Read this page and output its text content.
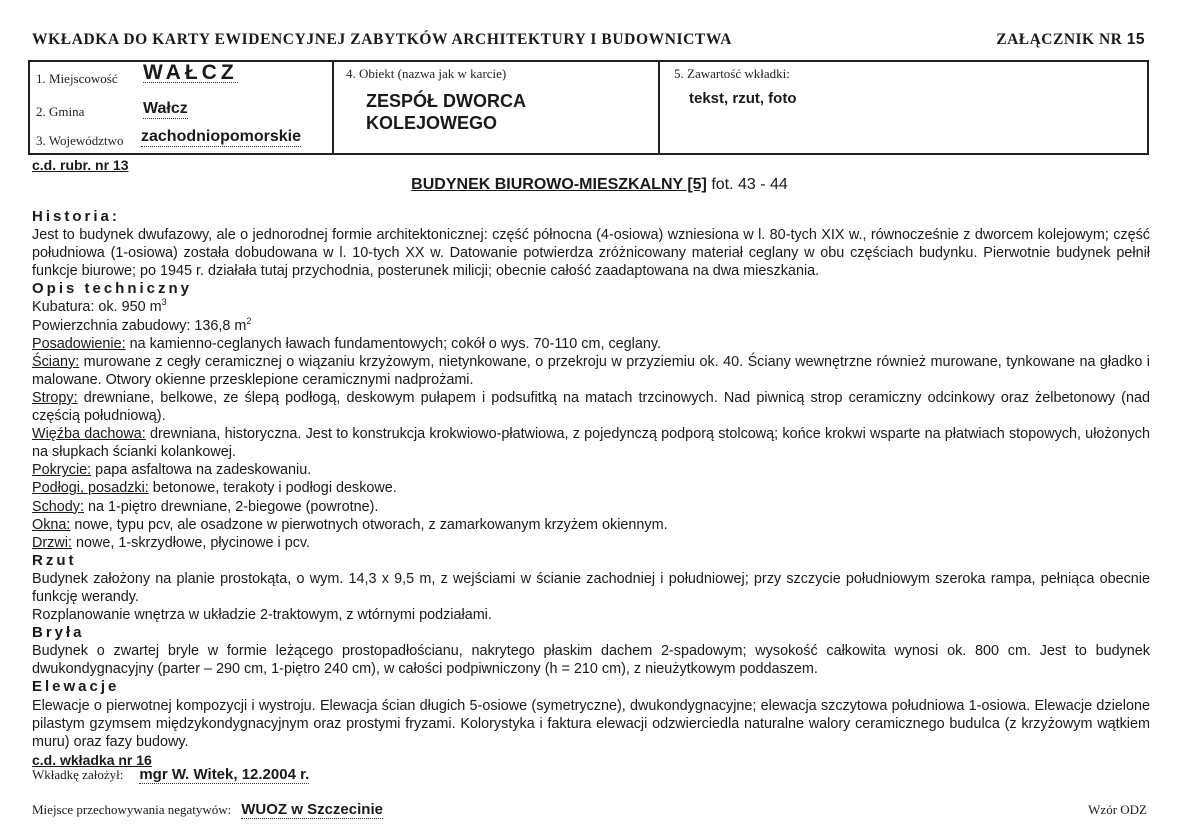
WKŁADKA DO KARTY EWIDENCYJNEJ ZABYTKÓW ARCHITEKTURY I BUDOWNICTWA	ZAŁĄCZNIK NR 15
1. Miejscowość WAŁCZ
2. Gmina	Wałcz
3. Województwo zachodniopomorskie
4. Obiekt (nazwa jak w karcie)
ZESPÓŁ DWORCA
KOLEJOWEGO
5. Zawartość wkładki:
tekst, rzut, foto
c.d. rubr. nr 13
BUDYNEK BIUROWO-MIESZKALNY [5] fot. 43 - 44

Historia:

Jest to budynek dwufazowy, ale o jednorodnej formie architektonicznej: część północna (4-osiowa) wzniesiona w l. 80-tych XIX w., równocześnie z dworcem kolejowym; część południowa (1-osiowa) została dobudowana w l. 10-tych XX w. Datowanie potwierdza zróżnicowany materiał ceglany w obu częściach budynku. Pierwotnie budynek pełnił funkcje biurowe; po 1945 r. działała tutaj przychodnia, posterunek milicji; obecnie całość zaadaptowana na dwa mieszkania.

Opis techniczny

Kubatura: ok. 950 $m^3$

Powierzchnia zabudowy: 136,8 $m^2$

Posadowienie: na kamienno-ceglanych ławach fundamentowych; cokół o wys. 70-110 cm, ceglany.

Ściany: murowane z cegły ceramicznej o wiązaniu krzyżowym, nietynkowane, o przekroju w przyziemiu ok. 40. Ściany wewnętrzne również murowane, tynkowane na gładko i malowane. Otwory okienne przesklepione ceramicznymi nadprożami.

Stropy: drewniane, belkowe, ze ślepą podłogą, deskowym pułapem i podsufitką na matach trzcinowych. Nad piwnicą strop ceramiczny odcinkowy oraz żelbetonowy (nad częścią południową).

Więźba dachowa: drewniana, historyczna. Jest to konstrukcja krokwiowo-płatwiowa, z pojedynczą podporą stolcową; końce krokwi wsparte na płatwiach stopowych, ułożonych na słupkach ścianki kolankowej.

Pokrycie: papa asfaltowa na zadeskowaniu.

Podłogi, posadzki: betonowe, terakoty i podłogi deskowe.

Schody: na 1-piętro drewniane, 2-biegowe (powrotne).

Okna: nowe, typu pcv, ale osadzone w pierwotnych otworach, z zamarkowanym krzyżem okiennym.

Drzwi: nowe, 1-skrzydłowe, płycinowe i pcv.

Rzut

Budynek założony na planie prostokąta, o wym. 14,3 x 9,5 m, z wejściami w ścianie zachodniej i południowej; przy szczycie południowym szeroka rampa, pełniąca obecnie funkcję werandy.

Rozplanowanie wnętrza w układzie 2-traktowym, z wtórnymi podziałami.

Bryła

Budynek o zwartej bryle w formie leżącego prostopadłościanu, nakrytego płaskim dachem 2-spadowym; wysokość całkowita wynosi ok. 800 cm. Jest to budynek dwukondygnacyjny (parter – 290 cm, 1-piętro 240 cm), w całości podpiwniczony (h = 210 cm), z nieużytkowym poddaszem.

Elewacje

Elewacje o pierwotnej kompozycji i wystroju. Elewacja ścian długich 5-osiowe (symetryczne), dwukondygnacyjne; elewacja szczytowa południowa 1-osiowa. Elewacje dzielone pilastym gzymsem międzykondygnacyjnym oraz prostymi fryzami. Kolorystyka i faktura elewacji odzwierciedla naturalne walory ceramicznego budulca (z krzyżowym wątkiem muru) oraz fazy budowy.

c.d. wkładka nr 16

Wkładkę założył: mgr W. Witek, 12.2004 r.
Miejsce przechowywania negatywów: WUOZ w Szczecinie	Wzór ODZ
